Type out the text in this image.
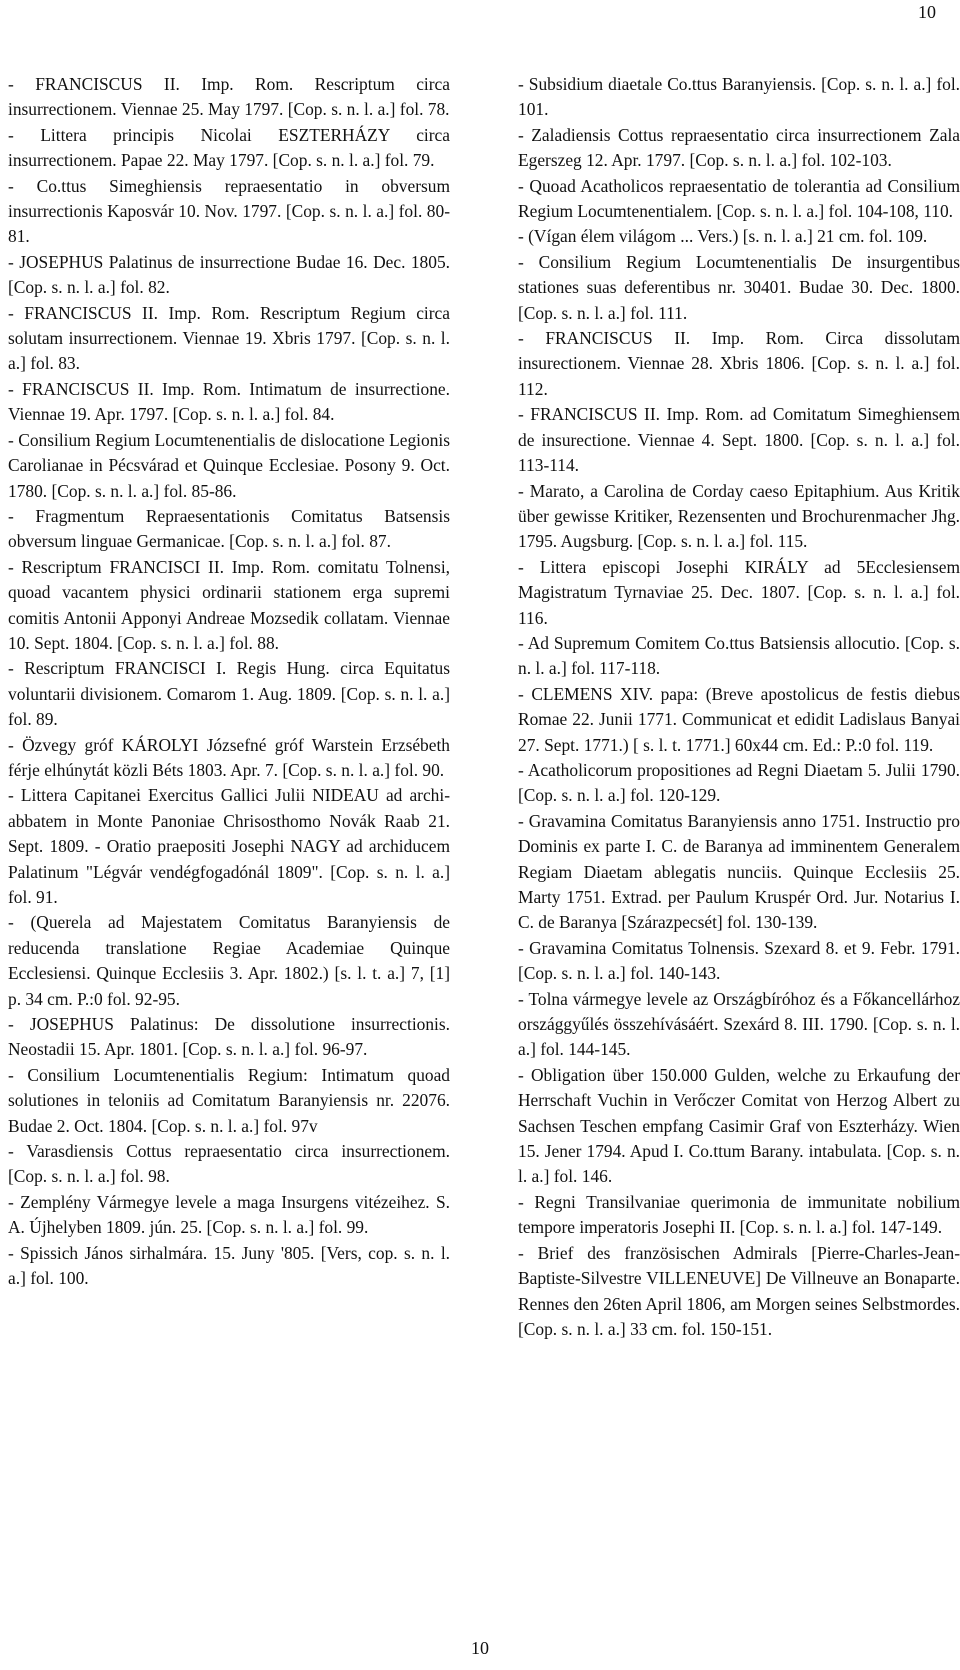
10

- FRANCISCUS II. Imp. Rom. Rescriptum circa insurrectionem. Viennae 25. May 1797. [Cop. s. n. l. a.] fol. 78.

- Littera principis Nicolai ESZTERHÁZY circa insurrectionem. Papae 22. May 1797. [Cop. s. n. l. a.] fol. 79.

- Co.ttus Simeghiensis repraesentatio in obversum insurrectionis Kaposvár 10. Nov. 1797. [Cop. s. n. l. a.] fol. 80-81.

- JOSEPHUS Palatinus de insurrectione Budae 16. Dec. 1805. [Cop. s. n. l. a.] fol. 82.

- FRANCISCUS II. Imp. Rom. Rescriptum Regium circa solutam insurrectionem. Viennae 19. Xbris 1797. [Cop. s. n. l. a.] fol. 83.

- FRANCISCUS II. Imp. Rom. Intimatum de insurrectione. Viennae 19. Apr. 1797. [Cop. s. n. l. a.] fol. 84.

- Consilium Regium Locumtenentialis de dislocatione Legionis Carolianae in Pécsvárad et Quinque Ecclesiae. Posony 9. Oct. 1780. [Cop. s. n. l. a.] fol. 85-86.

- Fragmentum Repraesentationis Comitatus Batsensis obversum linguae Germanicae. [Cop. s. n. l. a.] fol. 87.

- Rescriptum FRANCISCI II. Imp. Rom. comitatu Tolnensi, quoad vacantem physici ordinarii stationem erga supremi comitis Antonii Apponyi Andreae Mozsedik collatam. Viennae 10. Sept. 1804. [Cop. s. n. l. a.] fol. 88.

- Rescriptum FRANCISCI I. Regis Hung. circa Equitatus voluntarii divisionem. Comarom 1. Aug. 1809. [Cop. s. n. l. a.] fol. 89.

- Özvegy gróf KÁROLYI Józsefné gróf Warstein Erzsébeth férje elhúnytát közli Béts 1803. Apr. 7. [Cop. s. n. l. a.] fol. 90.

- Littera Capitanei Exercitus Gallici Julii NIDEAU ad archi-abbatem in Monte Panoniae Chrisosthomo Novák Raab 21. Sept. 1809. - Oratio praepositi Josephi NAGY ad archiducem Palatinum "Légvár vendégfogadónál 1809". [Cop. s. n. l. a.] fol. 91.

- (Querela ad Majestatem Comitatus Baranyiensis de reducenda translatione Regiae Academiae Quinque Ecclesiensi. Quinque Ecclesiis 3. Apr. 1802.) [s. l. t. a.] 7, [1] p. 34 cm. P.:0 fol. 92-95.

- JOSEPHUS Palatinus: De dissolutione insurrectionis. Neostadii 15. Apr. 1801. [Cop. s. n. l. a.] fol. 96-97.

- Consilium Locumtenentialis Regium: Intimatum quoad solutiones in teloniis ad Comitatum Baranyiensis nr. 22076. Budae 2. Oct. 1804. [Cop. s. n. l. a.] fol. 97v

- Varasdiensis Cottus repraesentatio circa insurrectionem. [Cop. s. n. l. a.] fol. 98.

- Zemplény Vármegye levele a maga Insurgens vitézeihez. S. A. Újhelyben 1809. jún. 25. [Cop. s. n. l. a.] fol. 99.

- Spissich János sirhalmára. 15. Juny '805. [Vers, cop. s. n. l. a.] fol. 100.

- Subsidium diaetale Co.ttus Baranyiensis. [Cop. s. n. l. a.] fol. 101.

- Zaladiensis Cottus repraesentatio circa insurrectionem Zala Egerszeg 12. Apr. 1797. [Cop. s. n. l. a.] fol. 102-103.

- Quoad Acatholicos repraesentatio de tolerantia ad Consilium Regium Locumtenentialem. [Cop. s. n. l. a.] fol. 104-108, 110.

- (Vígan élem világom ... Vers.) [s. n. l. a.] 21 cm. fol. 109.

- Consilium Regium Locumtenentialis De insurgentibus stationes suas deferentibus nr. 30401. Budae 30. Dec. 1800. [Cop. s. n. l. a.] fol. 111.

- FRANCISCUS II. Imp. Rom. Circa dissolutam insurectionem. Viennae 28. Xbris 1806. [Cop. s. n. l. a.] fol. 112.

- FRANCISCUS II. Imp. Rom. ad Comitatum Simeghiensem de insurectione. Viennae 4. Sept. 1800. [Cop. s. n. l. a.] fol. 113-114.

- Marato, a Carolina de Corday caeso Epitaphium. Aus Kritik über gewisse Kritiker, Rezensenten und Brochurenmacher Jhg. 1795. Augsburg. [Cop. s. n. l. a.] fol. 115.

- Littera episcopi Josephi KIRÁLY ad 5Ecclesiensem Magistratum Tyrnaviae 25. Dec. 1807. [Cop. s. n. l. a.] fol. 116.

- Ad Supremum Comitem Co.ttus Batsiensis allocutio. [Cop. s. n. l. a.] fol. 117-118.

- CLEMENS XIV. papa: (Breve apostolicus de festis diebus Romae 22. Junii 1771. Communicat et edidit Ladislaus Banyai 27. Sept. 1771.) [ s. l. t. 1771.] 60x44 cm. Ed.: P.:0 fol. 119.

- Acatholicorum propositiones ad Regni Diaetam 5. Julii 1790. [Cop. s. n. l. a.] fol. 120-129.

- Gravamina Comitatus Baranyiensis anno 1751. Instructio pro Dominis ex parte I. C. de Baranya ad imminentem Generalem Regiam Diaetam ablegatis nunciis. Quinque Ecclesiis 25. Marty 1751. Extrad. per Paulum Kruspér Ord. Jur. Notarius I. C. de Baranya [Szárazpecsét] fol. 130-139.

- Gravamina Comitatus Tolnensis. Szexard 8. et 9. Febr. 1791. [Cop. s. n. l. a.] fol. 140-143.

- Tolna vármegye levele az Országbíróhoz és a Főkancellárhoz országgyűlés összehívásáért. Szexárd 8. III. 1790. [Cop. s. n. l. a.] fol. 144-145.

- Obligation über 150.000 Gulden, welche zu Erkaufung der Herrschaft Vuchin in Verőczer Comitat von Herzog Albert zu Sachsen Teschen empfang Casimir Graf von Eszterházy. Wien 15. Jener 1794. Apud I. Co.ttum Barany. intabulata. [Cop. s. n. l. a.] fol. 146.

- Regni Transilvaniae querimonia de immunitate nobilium tempore imperatoris Josephi II. [Cop. s. n. l. a.] fol. 147-149.

- Brief des französischen Admirals [Pierre-Charles-Jean-Baptiste-Silvestre VILLENEUVE] De Villneuve an Bonaparte. Rennes den 26ten April 1806, am Morgen seines Selbstmordes. [Cop. s. n. l. a.] 33 cm. fol. 150-151.

10
